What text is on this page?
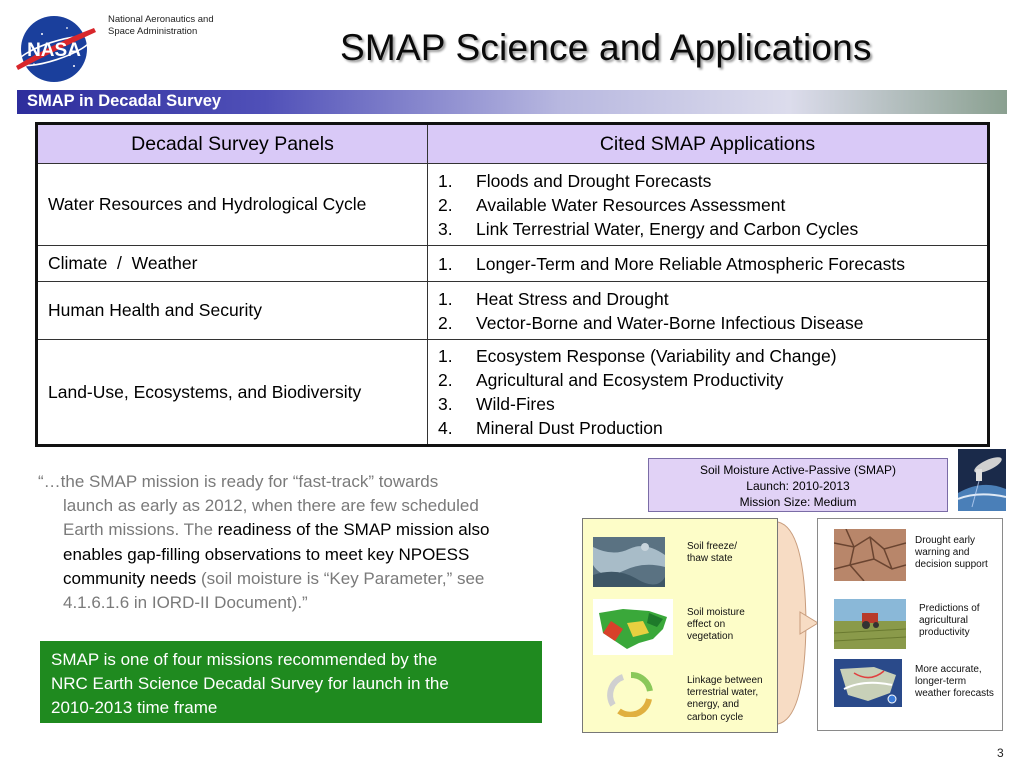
NASA
National Aeronautics and
Space Administration	SMAP Science and Applications
SMAP in Decadal Survey
Decadal Survey Panels	Cited SMAP Applications
Water Resources and Hydrological Cycle	1. Floods and Drought Forecasts
2. Available Water Resources Assessment
3. Link Terrestrial Water, Energy and Carbon Cycles

Climate  /  Weather	1. Longer-Term and More Reliable Atmospheric Forecasts

Human Health and Security	1. Heat Stress and Drought
2. Vector-Borne and Water-Borne Infectious Disease

Land-Use, Ecosystems, and Biodiversity	1. Ecosystem Response (Variability and Change)
2. Agricultural and Ecosystem Productivity
3. Wild-Fires
4. Mineral Dust Production
“…the SMAP mission is ready for “fast-track” towards
launch as early as 2012, when there are few scheduled
Earth missions. The readiness of the SMAP mission also
enables gap-filling observations to meet key NPOESS
community needs (soil moisture is “Key Parameter,” see
4.1.6.1.6 in IORD-II Document).”
SMAP is one of four missions recommended by the
NRC Earth Science Decadal Survey for launch in the
2010-2013 time frame
Soil Moisture Active-Passive (SMAP)
Launch: 2010-2013
Mission Size: Medium
Soil freeze/
thaw state
Soil moisture
effect on
vegetation
Linkage between
terrestrial water,
energy, and
carbon cycle
Drought early
warning and
decision support
Predictions of
agricultural
productivity
More accurate,
longer-term
weather forecasts
3
